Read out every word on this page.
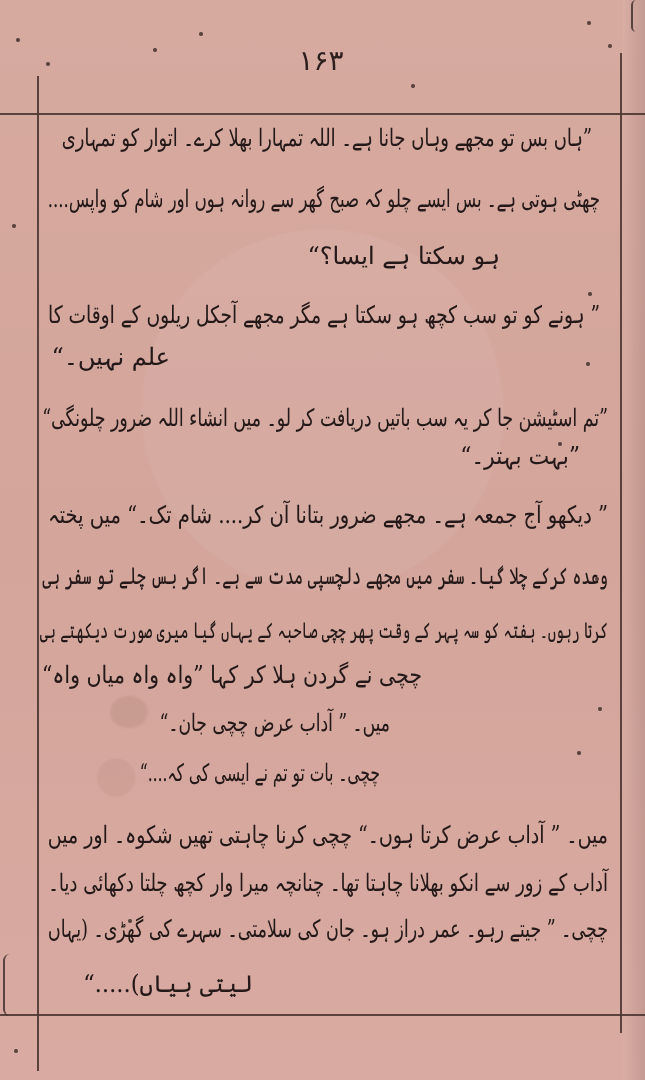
۱۶۳
”ہاں بس تو مجھے وہاں جانا ہے۔ اللہ تمہارا بھلا کرے۔ اتوار کو تمہاری
چھٹی ہوتی ہے۔ بس ایسے چلو کہ صبح گھر سے روانہ ہوں اور شام کو واپس....
ہو سکتا ہے ایسا؟“
” ہونے کو تو سب کچھ ہو سکتا ہے مگر مجھے آجکل ریلوں کے اوقات کا
علم نہیں۔“
”تم اسٹیشن جا کر یہ سب باتیں دریافت کر لو۔ میں انشاء اللہ ضرور چلونگی“
”بہت بہتر۔“
” دیکھو آج جمعہ ہے۔ مجھے ضرور بتانا آن کر.... شام تک۔“ میں پختہ
وعدہ کرکے چلا گیا۔ سفر میں مجھے دلچسپی مدت سے ہے۔ اگر بس چلے تو سفر ہی
کرتا رہوں۔ ہفتہ کو سہ پہر کے وقت پھر چچی صاحبہ کے یہاں گیا میری صورت دیکھتے ہی
چچی نے گردن ہلا کر کہا ”واہ واہ میاں واہ“
میں۔ ” آداب عرض چچی جان۔“
چچی۔ بات تو تم نے ایسی کی کہ....“
میں۔ ” آداب عرض کرتا ہوں۔“ چچی کرنا چاہتی تھیں شکوہ۔ اور میں
آداب کے زور سے انکو بھلانا چاہتا تھا۔ چنانچہ میرا وار کچھ چلتا دکھائی دیا۔
چچی۔ ” جیتے رہو۔ عمر دراز ہو۔ جان کی سلامتی۔ سہرے کی گھڑی۔ (یہاں
لیتی ہیاں).....“
